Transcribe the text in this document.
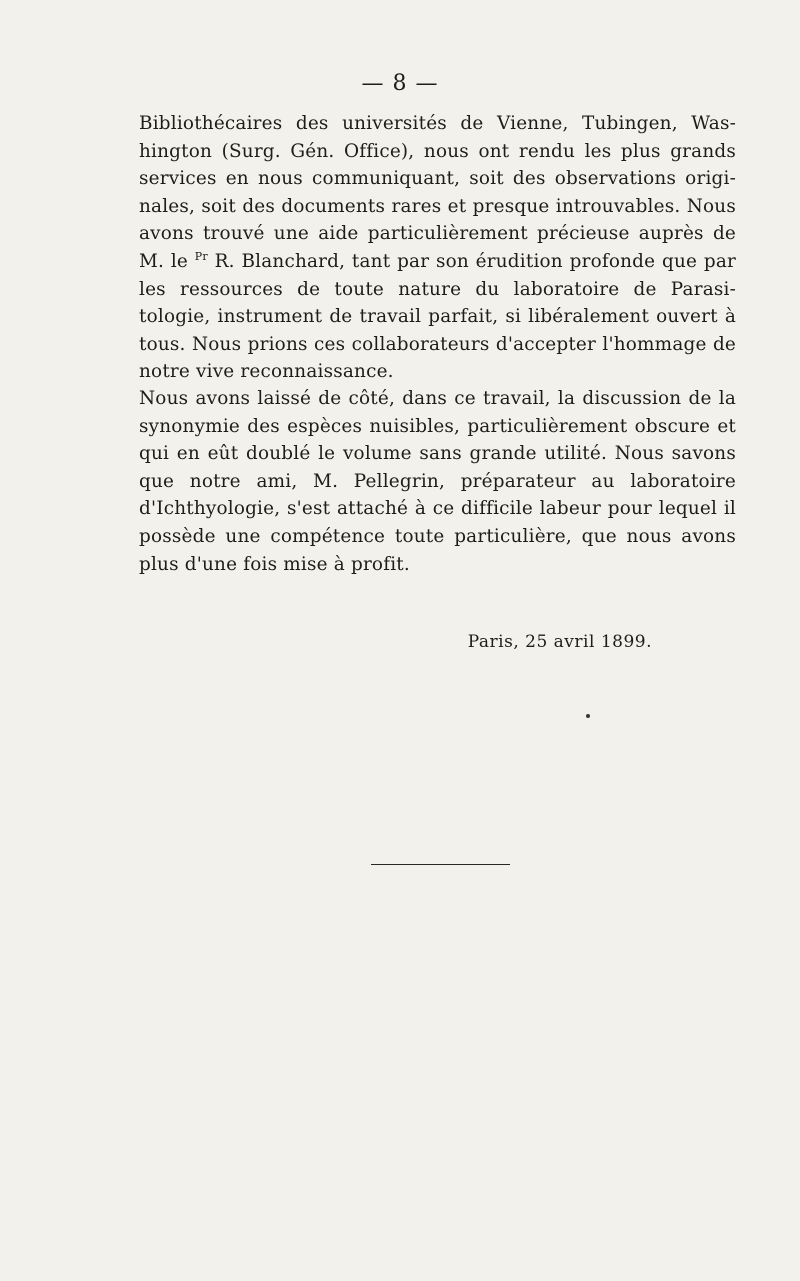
— 8 —
Bibliothécaires des universités de Vienne, Tubingen, Was- hington (Surg. Gén. Office), nous ont rendu les plus grands services en nous communiquant, soit des observations origi- nales, soit des documents rares et presque introuvables. Nous avons trouvé une aide particulièrement précieuse auprès de M. le $^{Pr}$ R. Blanchard, tant par son érudition profonde que par les ressources de toute nature du laboratoire de Parasi- tologie, instrument de travail parfait, si libéralement ouvert à tous. Nous prions ces collaborateurs d'accepter l'hommage de notre vive reconnaissance.
Nous avons laissé de côté, dans ce travail, la discussion de la synonymie des espèces nuisibles, particulièrement obscure et qui en eût doublé le volume sans grande utilité. Nous savons que notre ami, M. Pellegrin, préparateur au laboratoire d'Ichthyologie, s'est attaché à ce difficile labeur pour lequel il possède une compétence toute particulière, que nous avons plus d'une fois mise à profit.
Paris, 25 avril 1899.
